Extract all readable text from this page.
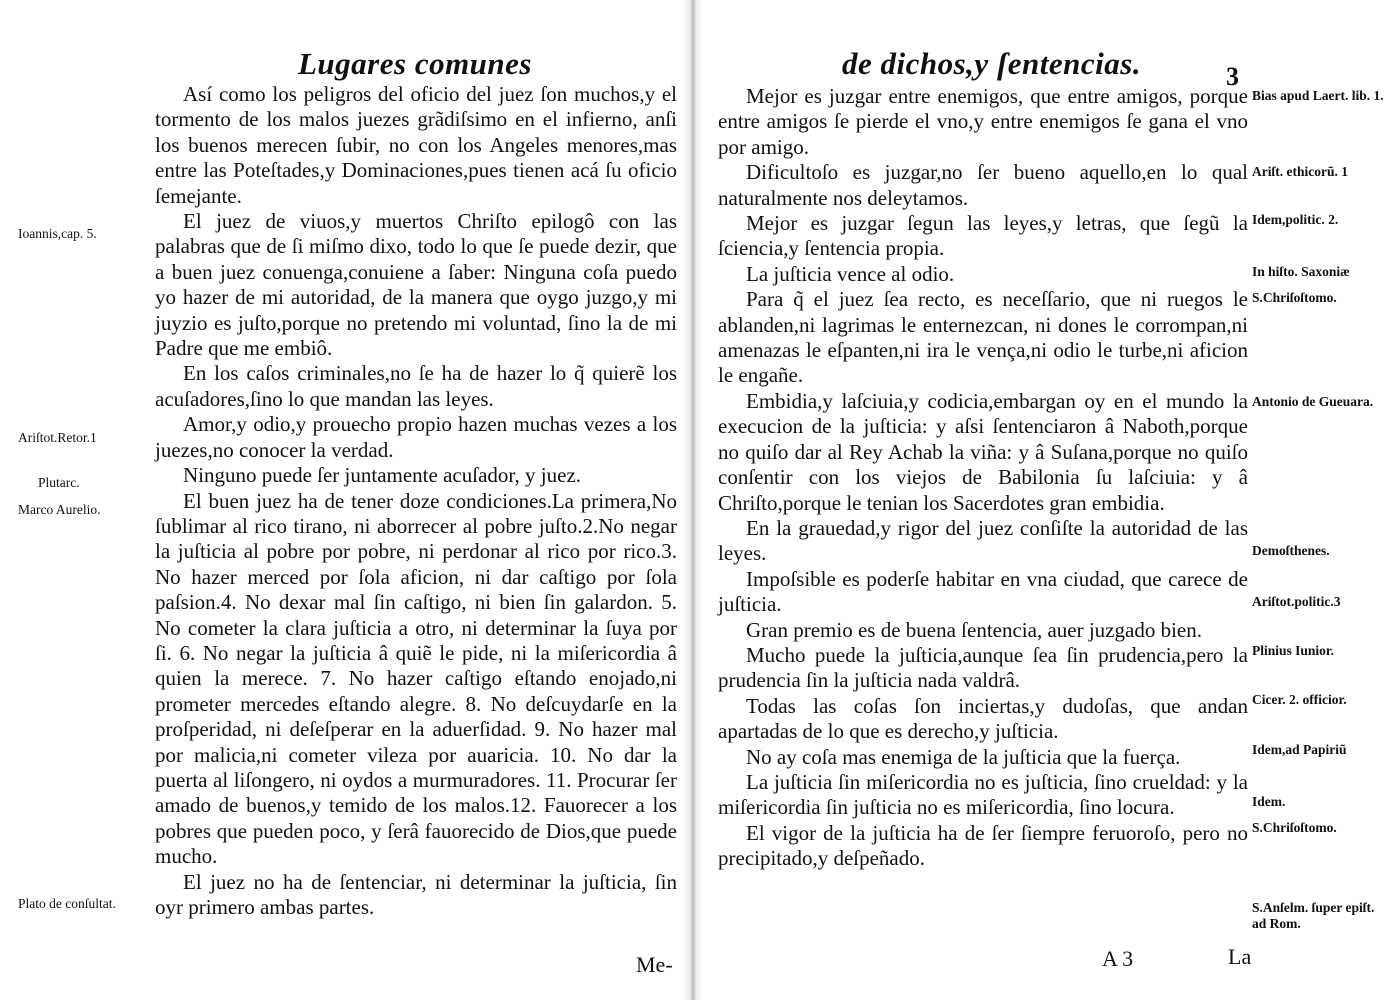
Lugares comunes
Ioannis,cap. 5.
Ariſtot.Retor.1
Plutarc.
Marco Aurelio.
Plato de conſultat.

Así como los peligros del oficio del juez ſon muchos,y el tormento de los malos juezes grãdiſsimo en el infierno, anſi los buenos merecen ſubir, no con los Angeles menores,mas entre las Poteſtades,y Dominaciones,pues tienen acá ſu oficio ſemejante.

El juez de viuos,y muertos Chriſto epilogô con las palabras que de ſi miſmo dixo, todo lo que ſe puede dezir, que a buen juez conuenga,conuiene a ſaber: Ninguna coſa puedo yo hazer de mi autoridad, de la manera que oygo juzgo,y mi juyzio es juſto,porque no pretendo mi voluntad, ſino la de mi Padre que me embiô.

En los caſos criminales,no ſe ha de hazer lo q̃ quierẽ los acuſadores,ſino lo que mandan las leyes.

Amor,y odio,y prouecho propio hazen muchas vezes a los juezes,no conocer la verdad.

Ninguno puede ſer juntamente acuſador, y juez.

El buen juez ha de tener doze condiciones.La primera,No ſublimar al rico tirano, ni aborrecer al pobre juſto.2.No negar la juſticia al pobre por pobre, ni perdonar al rico por rico.3. No hazer merced por ſola aficion, ni dar caſtigo por ſola paſsion.4. No dexar mal ſin caſtigo, ni bien ſin galardon. 5. No cometer la clara juſticia a otro, ni determinar la ſuya por ſi. 6. No negar la juſticia â quiẽ le pide, ni la miſericordia â quien la merece. 7. No hazer caſtigo eſtando enojado,ni prometer mercedes eſtando alegre. 8. No deſcuydarſe en la proſperidad, ni deſeſperar en la aduerſidad. 9. No hazer mal por malicia,ni cometer vileza por auaricia. 10. No dar la puerta al liſongero, ni oydos a murmuradores. 11. Procurar ſer amado de buenos,y temido de los malos.12. Fauorecer a los pobres que pueden poco, y ſerâ fauorecido de Dios,que puede mucho.

El juez no ha de ſentenciar, ni determinar la juſticia, ſin oyr primero ambas partes.

Me-
de dichos,y ſentencias.	3

Mejor es juzgar entre enemigos, que entre amigos, porque entre amigos ſe pierde el vno,y entre enemigos ſe gana el vno por amigo.

Dificultoſo es juzgar,no ſer bueno aquello,en lo qual naturalmente nos deleytamos.

Mejor es juzgar ſegun las leyes,y letras, que ſegũ la ſciencia,y ſentencia propia.

La juſticia vence al odio.

Para q̃ el juez ſea recto, es neceſſario, que ni ruegos le ablanden,ni lagrimas le enternezcan, ni dones le corrompan,ni amenazas le eſpanten,ni ira le vença,ni odio le turbe,ni aficion le engañe.

Embidia,y laſciuia,y codicia,embargan oy en el mundo la execucion de la juſticia: y aſsi ſentenciaron â Naboth,porque no quiſo dar al Rey Achab la viña: y â Suſana,porque no quiſo conſentir con los viejos de Babilonia ſu laſciuia: y â Chriſto,porque le tenian los Sacerdotes gran embidia.

En la grauedad,y rigor del juez conſiſte la autoridad de las leyes.

Impoſsible es poderſe habitar en vna ciudad, que carece de juſticia.

Gran premio es de buena ſentencia, auer juzgado bien.

Mucho puede la juſticia,aunque ſea ſin prudencia,pero la prudencia ſin la juſticia nada valdrâ.

Todas las coſas ſon inciertas,y dudoſas, que andan apartadas de lo que es derecho,y juſticia.

No ay coſa mas enemiga de la juſticia que la fuerça.

La juſticia ſin miſericordia no es juſticia, ſino crueldad: y la miſericordia ſin juſticia no es miſericordia, ſino locura.

El vigor de la juſticia ha de ſer ſiempre feruoroſo, pero no precipitado,y deſpeñado.

Bias apud Laert. lib. 1.
Ariſt. ethicorũ. 1
Idem,politic. 2.
In hiſto. Saxoniæ
S.Chriſoſtomo.
Antonio de Gueuara.
Demoſthenes.
Ariſtot.politic.3
Plinius Iunior.
Cicer. 2. officior.
Idem,ad Papiriũ
Idem.
S.Chriſoſtomo.
S.Anſelm. ſuper epiſt. ad Rom.
A 3	La
